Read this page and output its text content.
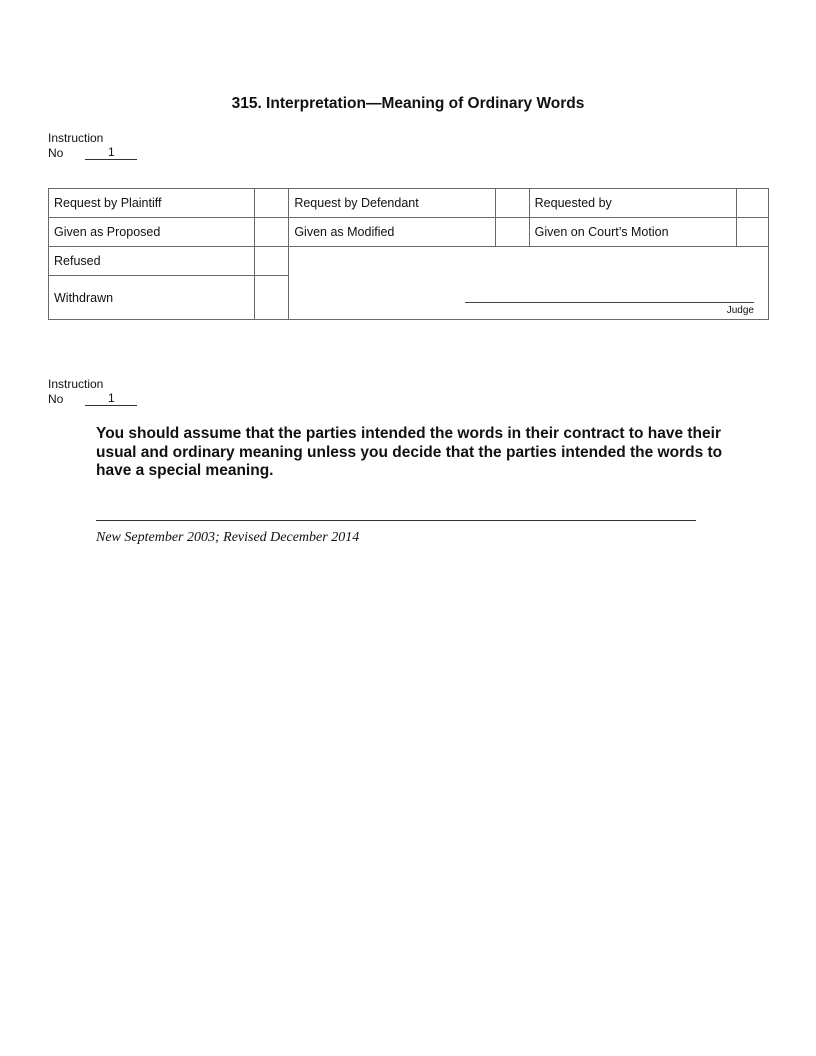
315. Interpretation—Meaning of Ordinary Words
Instruction
No	1
Request by Plaintiff		Request by Defendant		Requested by	
Given as Proposed		Given as Modified		Given on Court’s Motion	
Refused		Judge			

Withdrawn					
Instruction
No	1
You should assume that the parties intended the words in their contract to have their usual and ordinary meaning unless you decide that the parties intended the words to have a special meaning.
New September 2003; Revised December 2014
